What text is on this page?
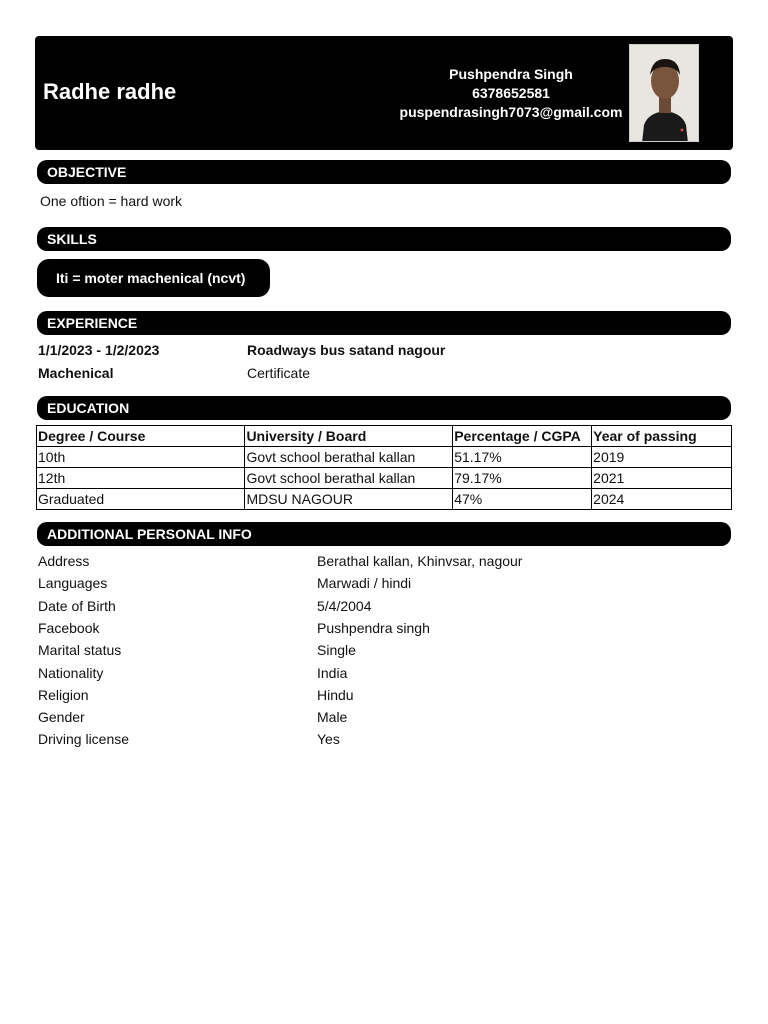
Radhe radhe
Pushpendra Singh
6378652581
puspendrasingh7073@gmail.com
OBJECTIVE
One oftion = hard work
SKILLS
Iti = moter machenical (ncvt)
EXPERIENCE
1/1/2023 - 1/2/2023	Roadways bus satand nagour
Machenical	Certificate
EDUCATION
Degree / Course	University / Board	Percentage / CGPA	Year of passing
10th	Govt school berathal kallan	51.17%	2019
12th	Govt school berathal kallan	79.17%	2021
Graduated	MDSU NAGOUR	47%	2024
ADDITIONAL PERSONAL INFO
Address	Berathal kallan, Khinvsar, nagour
Languages	Marwadi / hindi
Date of Birth	5/4/2004
Facebook	Pushpendra singh
Marital status	Single
Nationality	India
Religion	Hindu
Gender	Male
Driving license	Yes
